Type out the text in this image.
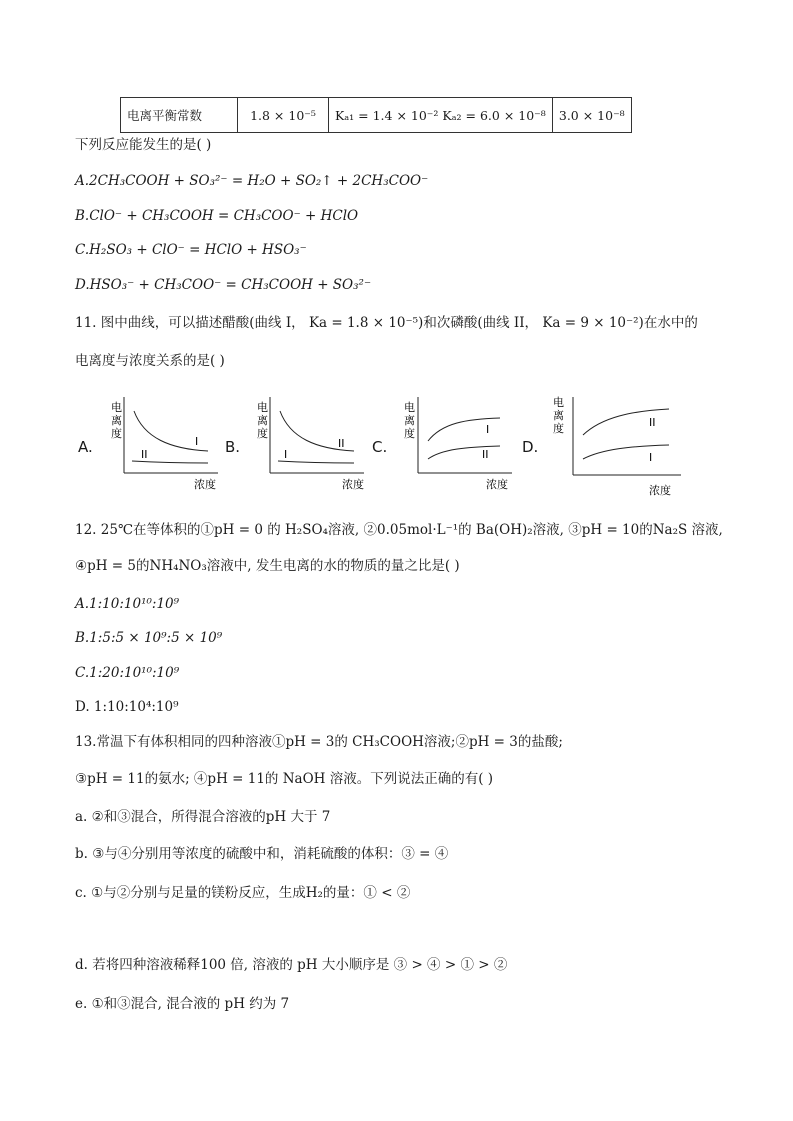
电离平衡常数	1.8 × 10⁻⁵	Kₐ₁ = 1.4 × 10⁻² Kₐ₂ = 6.0 × 10⁻⁸	3.0 × 10⁻⁸
下列反应能发生的是( )
A.2CH₃COOH + SO₃²⁻ = H₂O + SO₂↑ + 2CH₃COO⁻
B.ClO⁻ + CH₃COOH = CH₃COO⁻ + HClO
C.H₂SO₃ + ClO⁻ = HClO + HSO₃⁻
D.HSO₃⁻ + CH₃COO⁻ = CH₃COOH + SO₃²⁻
11. 图中曲线，可以描述醋酸(曲线 I， Ka = 1.8 × 10⁻⁵)和次磷酸(曲线 II， Ka = 9 × 10⁻²)在水中的
电离度与浓度关系的是( )
A.	B.	C.	D.
电
离
度
浓度
I
II
电
离
度
浓度
II
I
电
离
度
浓度
I
II
电
离
度
浓度
II
I
12. 25℃在等体积的①pH = 0 的 H₂SO₄溶液, ②0.05mol·L⁻¹的 Ba(OH)₂溶液, ③pH = 10的Na₂S 溶液,
④pH = 5的NH₄NO₃溶液中, 发生电离的水的物质的量之比是( )
A.1:10:10¹⁰:10⁹
B.1:5:5 × 10⁹:5 × 10⁹
C.1:20:10¹⁰:10⁹
D. 1:10:10⁴:10⁹
13.常温下有体积相同的四种溶液①pH = 3的 CH₃COOH溶液;②pH = 3的盐酸;
③pH = 11的氨水; ④pH = 11的 NaOH 溶液。下列说法正确的有( )
a. ②和③混合，所得混合溶液的pH 大于 7
b. ③与④分别用等浓度的硫酸中和，消耗硫酸的体积：③ = ④
c. ①与②分别与足量的镁粉反应，生成H₂的量：① < ②
d. 若将四种溶液稀释100 倍, 溶液的 pH 大小顺序是 ③ > ④ > ① > ②
e. ①和③混合, 混合液的 pH 约为 7
